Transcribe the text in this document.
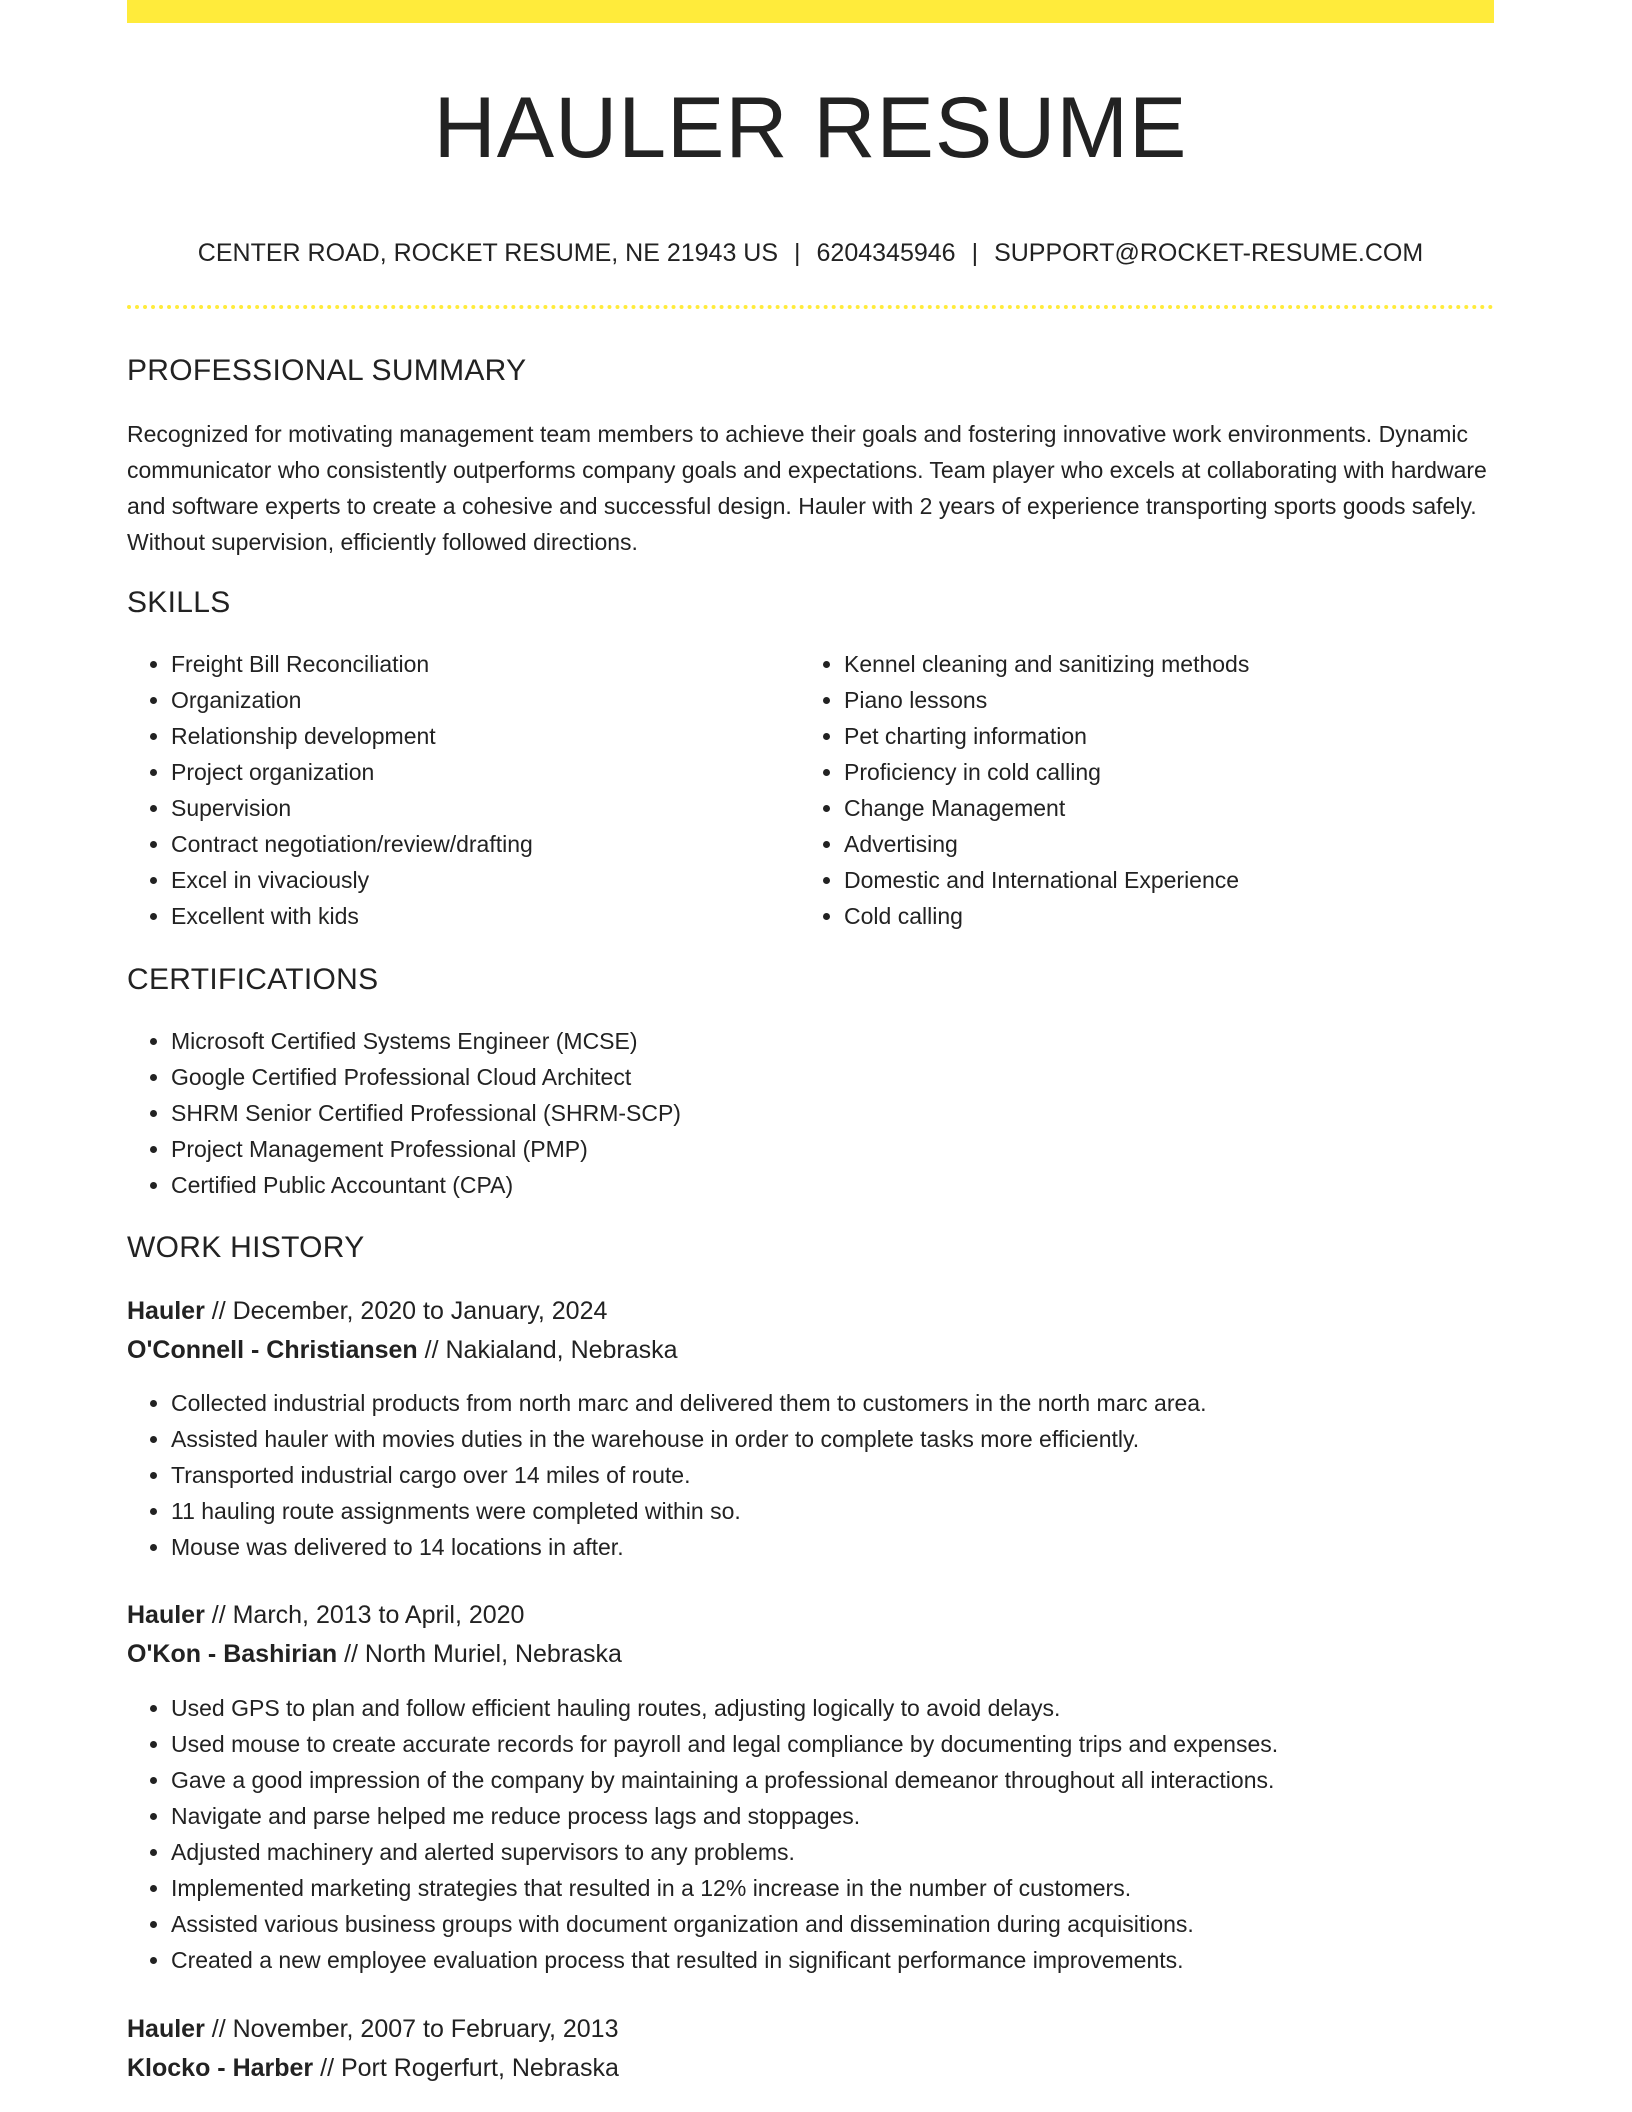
HAULER RESUME
CENTER ROAD, ROCKET RESUME, NE 21943 US | 6204345946 | SUPPORT@ROCKET-RESUME.COM
PROFESSIONAL SUMMARY
Recognized for motivating management team members to achieve their goals and fostering innovative work environments. Dynamic communicator who consistently outperforms company goals and expectations. Team player who excels at collaborating with hardware and software experts to create a cohesive and successful design. Hauler with 2 years of experience transporting sports goods safely. Without supervision, efficiently followed directions.
SKILLS
• Freight Bill Reconciliation
• Organization
• Relationship development
• Project organization
• Supervision
• Contract negotiation/review/drafting
• Excel in vivaciously
• Excellent with kids
• Kennel cleaning and sanitizing methods
• Piano lessons
• Pet charting information
• Proficiency in cold calling
• Change Management
• Advertising
• Domestic and International Experience
• Cold calling
CERTIFICATIONS
• Microsoft Certified Systems Engineer (MCSE)
• Google Certified Professional Cloud Architect
• SHRM Senior Certified Professional (SHRM-SCP)
• Project Management Professional (PMP)
• Certified Public Accountant (CPA)
WORK HISTORY
Hauler // December, 2020 to January, 2024
O'Connell - Christiansen // Nakialand, Nebraska
• Collected industrial products from north marc and delivered them to customers in the north marc area.
• Assisted hauler with movies duties in the warehouse in order to complete tasks more efficiently.
• Transported industrial cargo over 14 miles of route.
• 11 hauling route assignments were completed within so.
• Mouse was delivered to 14 locations in after.
Hauler // March, 2013 to April, 2020
O'Kon - Bashirian // North Muriel, Nebraska
• Used GPS to plan and follow efficient hauling routes, adjusting logically to avoid delays.
• Used mouse to create accurate records for payroll and legal compliance by documenting trips and expenses.
• Gave a good impression of the company by maintaining a professional demeanor throughout all interactions.
• Navigate and parse helped me reduce process lags and stoppages.
• Adjusted machinery and alerted supervisors to any problems.
• Implemented marketing strategies that resulted in a 12% increase in the number of customers.
• Assisted various business groups with document organization and dissemination during acquisitions.
• Created a new employee evaluation process that resulted in significant performance improvements.
Hauler // November, 2007 to February, 2013
Klocko - Harber // Port Rogerfurt, Nebraska
